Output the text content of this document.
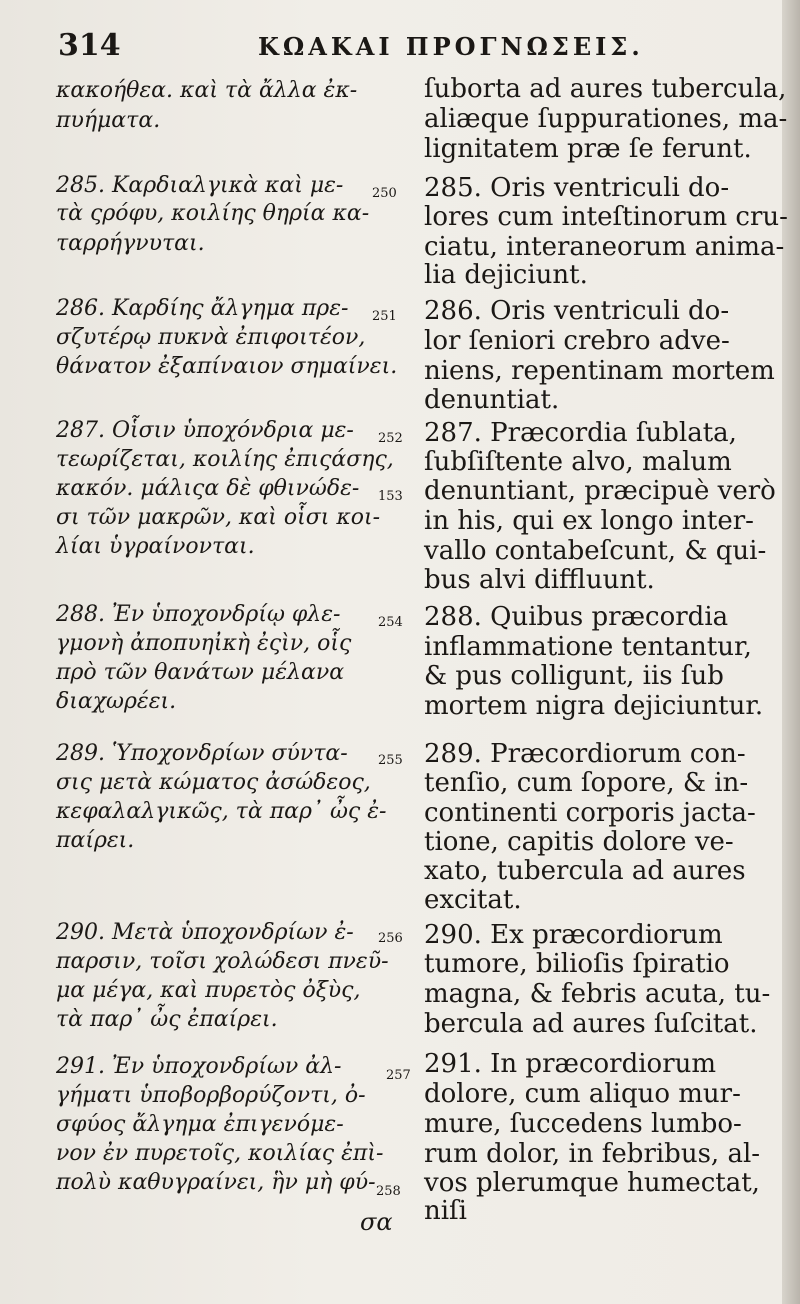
314	ΚΩΑΚΑΙ ΠΡΟΓΝΩΣΕΙΣ.
κακοήθεα. καὶ τὰ ἄλλα ἐκ-
πυήματα.
285. Καρδιαλγικὰ καὶ με-
τὰ ςρόφυ, κοιλίης θηρία κα-
ταρρήγνυται.
286. Καρδίης ἄλγημα πρε-
σζυτέρῳ πυκνὰ ἐπιφοιτέον,
θάνατον ἐξαπίναιον σημαίνει.
287. Οἷσιν ὑποχόνδρια με-
τεωρίζεται, κοιλίης ἐπιςάσης,
κακόν. μάλιςα δὲ φθινώδε-
σι τῶν μακρῶν, καὶ οἷσι κοι-
λίαι ὑγραίνονται.
288. Ἐν ὑποχονδρίῳ φλε-
γμονὴ ἀποπυηἰκὴ ἐςὶν, οἷς
πρὸ τῶν θανάτων μέλανα
διαχωρέει.
289. Ὑποχονδρίων σύντα-
σις μετὰ κώματος ἀσώδεος,
κεφαλαλγικῶς, τὰ παρ᾽ ὦς ἐ-
παίρει.
290. Μετὰ ὑποχονδρίων ἐ-
παρσιν, τοῖσι χολώδεσι πνεῦ-
μα μέγα, καὶ πυρετὸς ὀξὺς,
τὰ παρ᾽ ὦς ἐπαίρει.
291. Ἐν ὑποχονδρίων ἀλ-
γήματι ὑποβορβορύζοντι, ὀ-
σφύος ἄλγημα ἐπιγενόμε-
νον ἐν πυρετοῖς, κοιλίας ἐπὶ-
πολὺ καθυγραίνει, ἣν μὴ φύ-
ſuborta ad aures tubercula,
aliæque ſuppurationes, ma-
lignitatem præ ſe ferunt.
285. Oris ventriculi do-
lores cum inteſtinorum cru-
ciatu, interaneorum anima-
lia dejiciunt.
286. Oris ventriculi do-
lor ſeniori crebro adve-
niens, repentinam mortem
denuntiat.
287. Præcordia ſublata,
ſubſiſtente alvo, malum
denuntiant, præcipuè verò
in his, qui ex longo inter-
vallo contabeſcunt, & qui-
bus alvi diffluunt.
288. Quibus præcordia
inflammatione tentantur,
& pus colligunt, iis ſub
mortem nigra dejiciuntur.
289. Præcordiorum con-
tenſio, cum ſopore, & in-
continenti corporis jacta-
tione, capitis dolore ve-
xato, tubercula ad aures
excitat.
290. Ex præcordiorum
tumore, bilioſis ſpiratio
magna, & febris acuta, tu-
bercula ad aures ſuſcitat.
291. In præcordiorum
dolore, cum aliquo mur-
mure, ſuccedens lumbo-
rum dolor, in febribus, al-
vos plerumque humectat,
niſi
250
251
252
153
254
255
256
257
258
σα
